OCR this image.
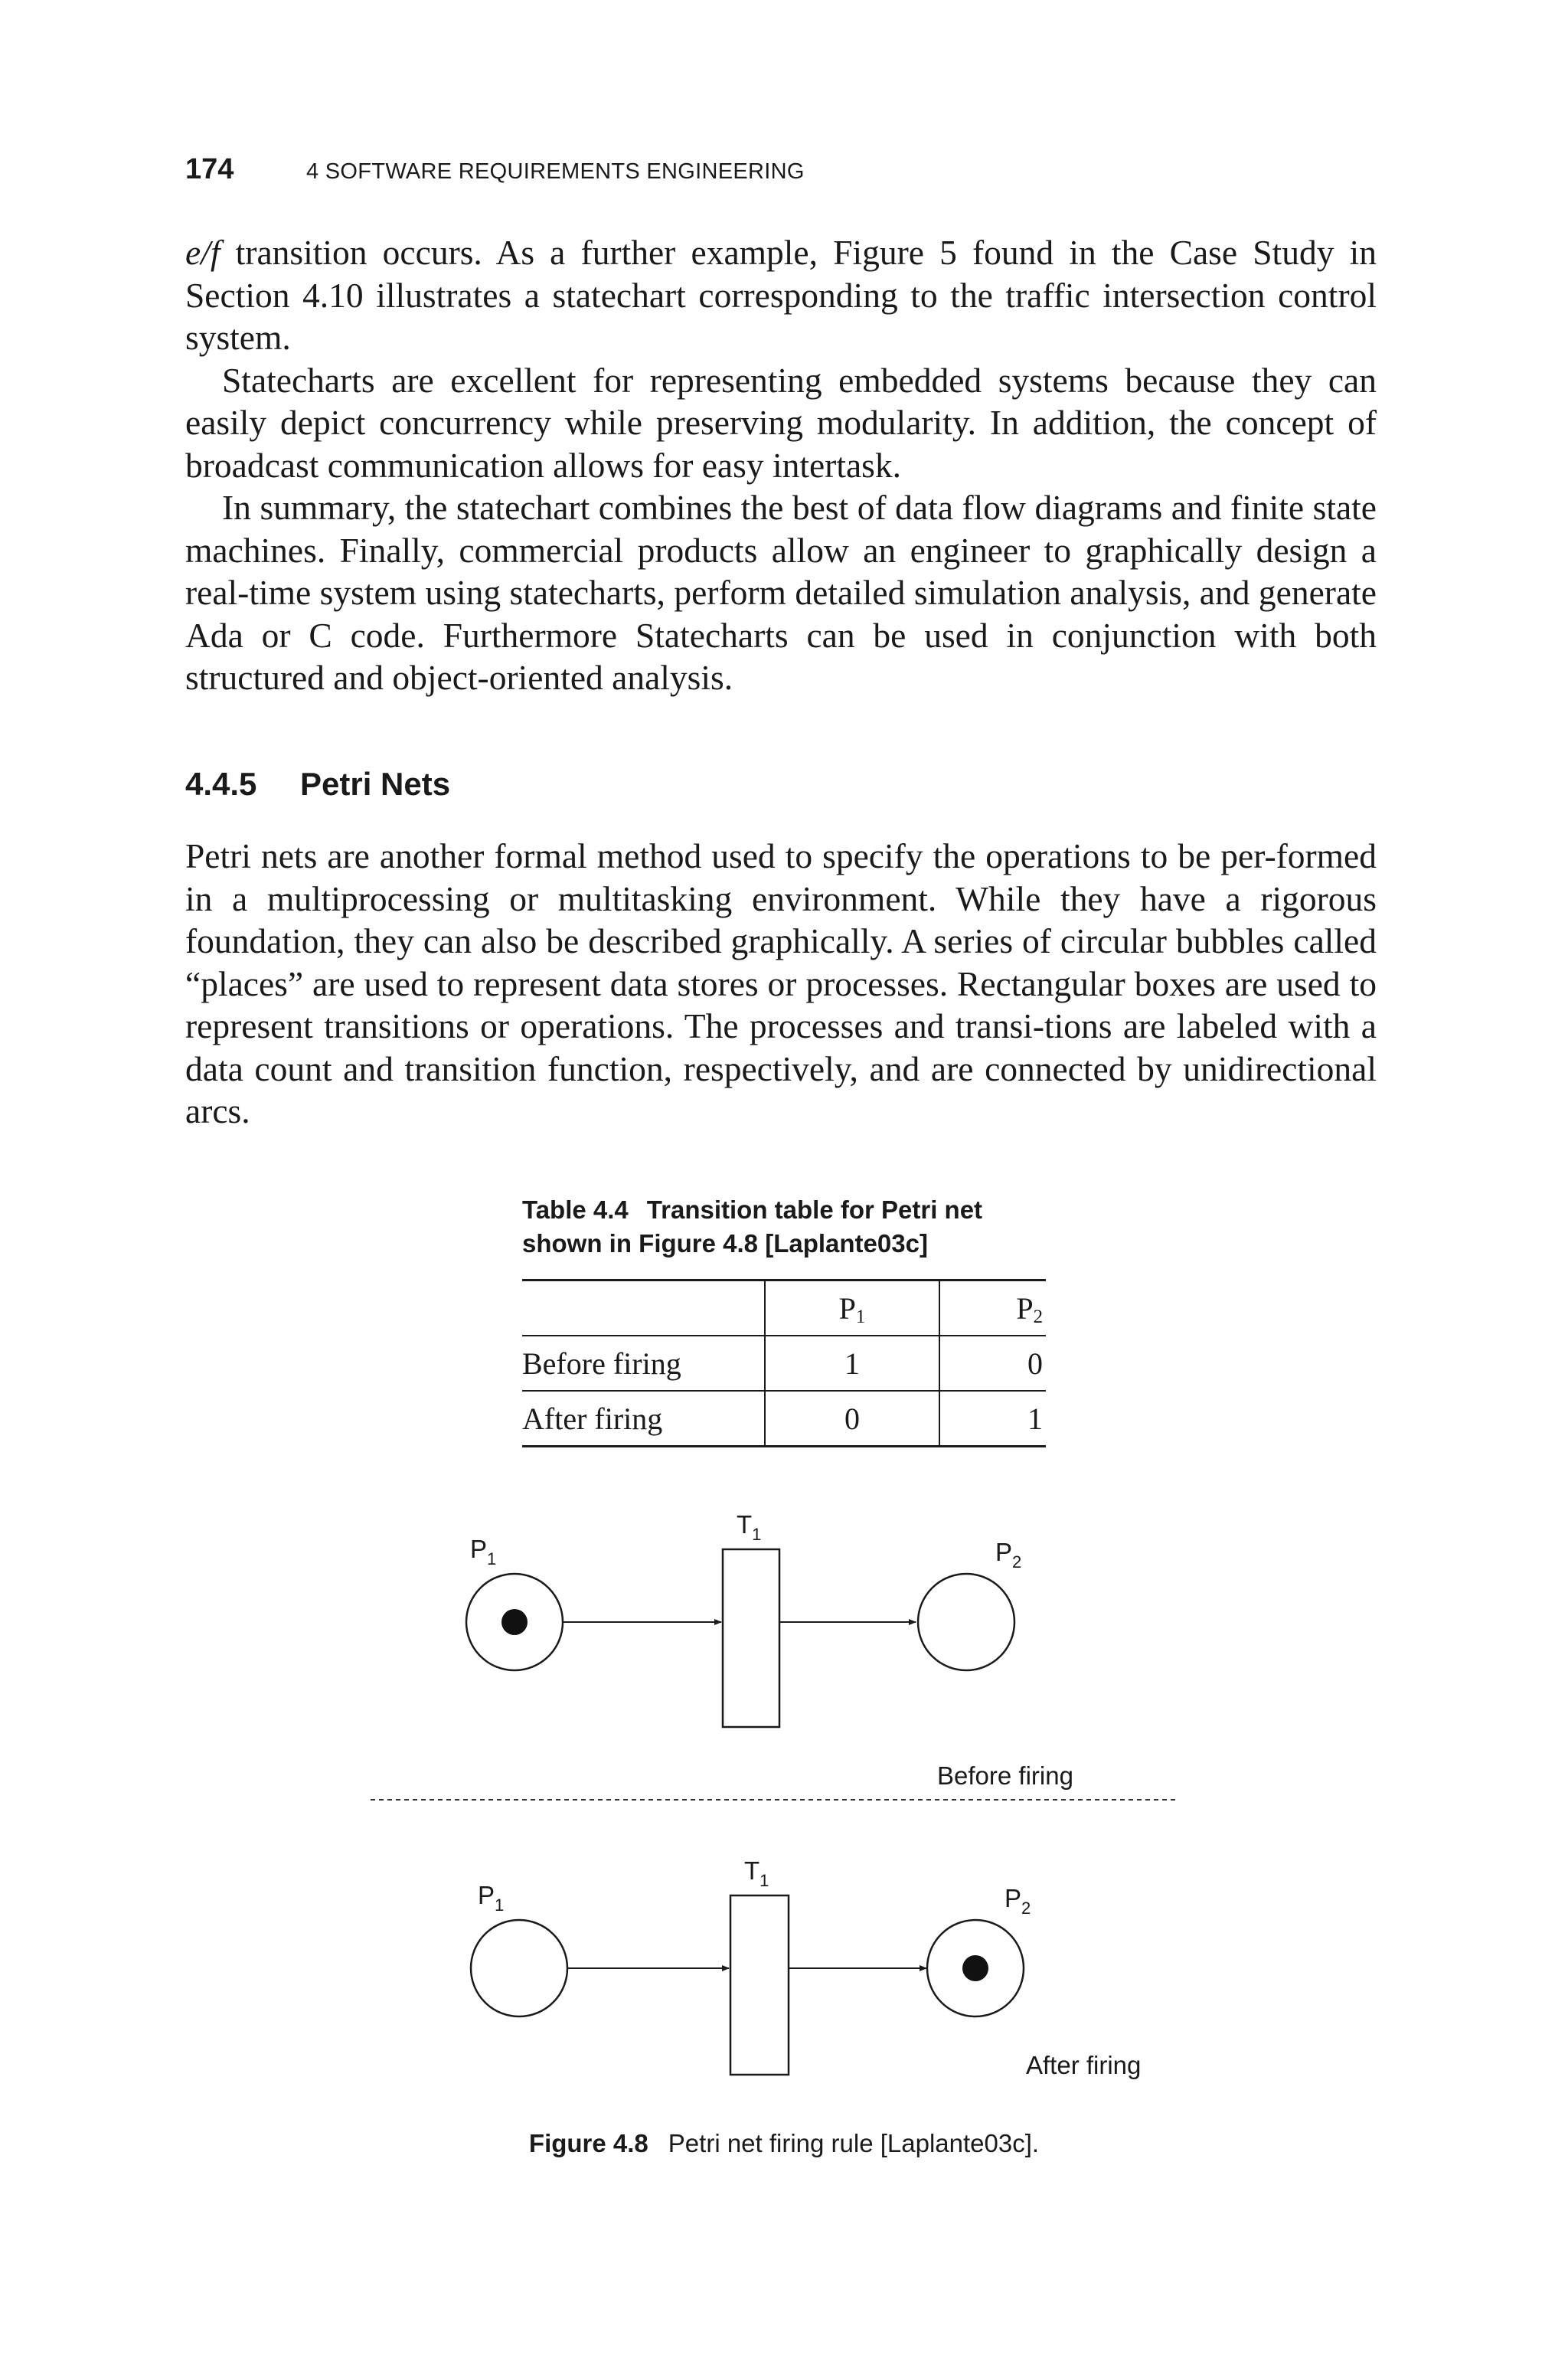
174	4 SOFTWARE REQUIREMENTS ENGINEERING

e/f transition occurs. As a further example, Figure 5 found in the Case Study in Section 4.10 illustrates a statechart corresponding to the traffic intersection control system.

Statecharts are excellent for representing embedded systems because they can easily depict concurrency while preserving modularity. In addition, the concept of broadcast communication allows for easy intertask.

In summary, the statechart combines the best of data flow diagrams and finite state machines. Finally, commercial products allow an engineer to graphically design a real-time system using statecharts, perform detailed simulation analysis, and generate Ada or C code. Furthermore Statecharts can be used in conjunction with both structured and object-oriented analysis.

4.4.5 Petri Nets

Petri nets are another formal method used to specify the operations to be per-formed in a multiprocessing or multitasking environment. While they have a rigorous foundation, they can also be described graphically. A series of circular bubbles called “places” are used to represent data stores or processes. Rectangular boxes are used to represent transitions or operations. The processes and transi-tions are labeled with a data count and transition function, respectively, and are connected by unidirectional arcs.

Table 4.4 Transition table for Petri net shown in Figure 4.8 [Laplante03c]
	$P_1$	$P_2$
Before firing	1	0
After firing	0	1
$P_1$
$T_1$
$P_2$
Before firing
$P_1$
$T_1$
$P_2$
After firing
Figure 4.8 Petri net firing rule [Laplante03c].
